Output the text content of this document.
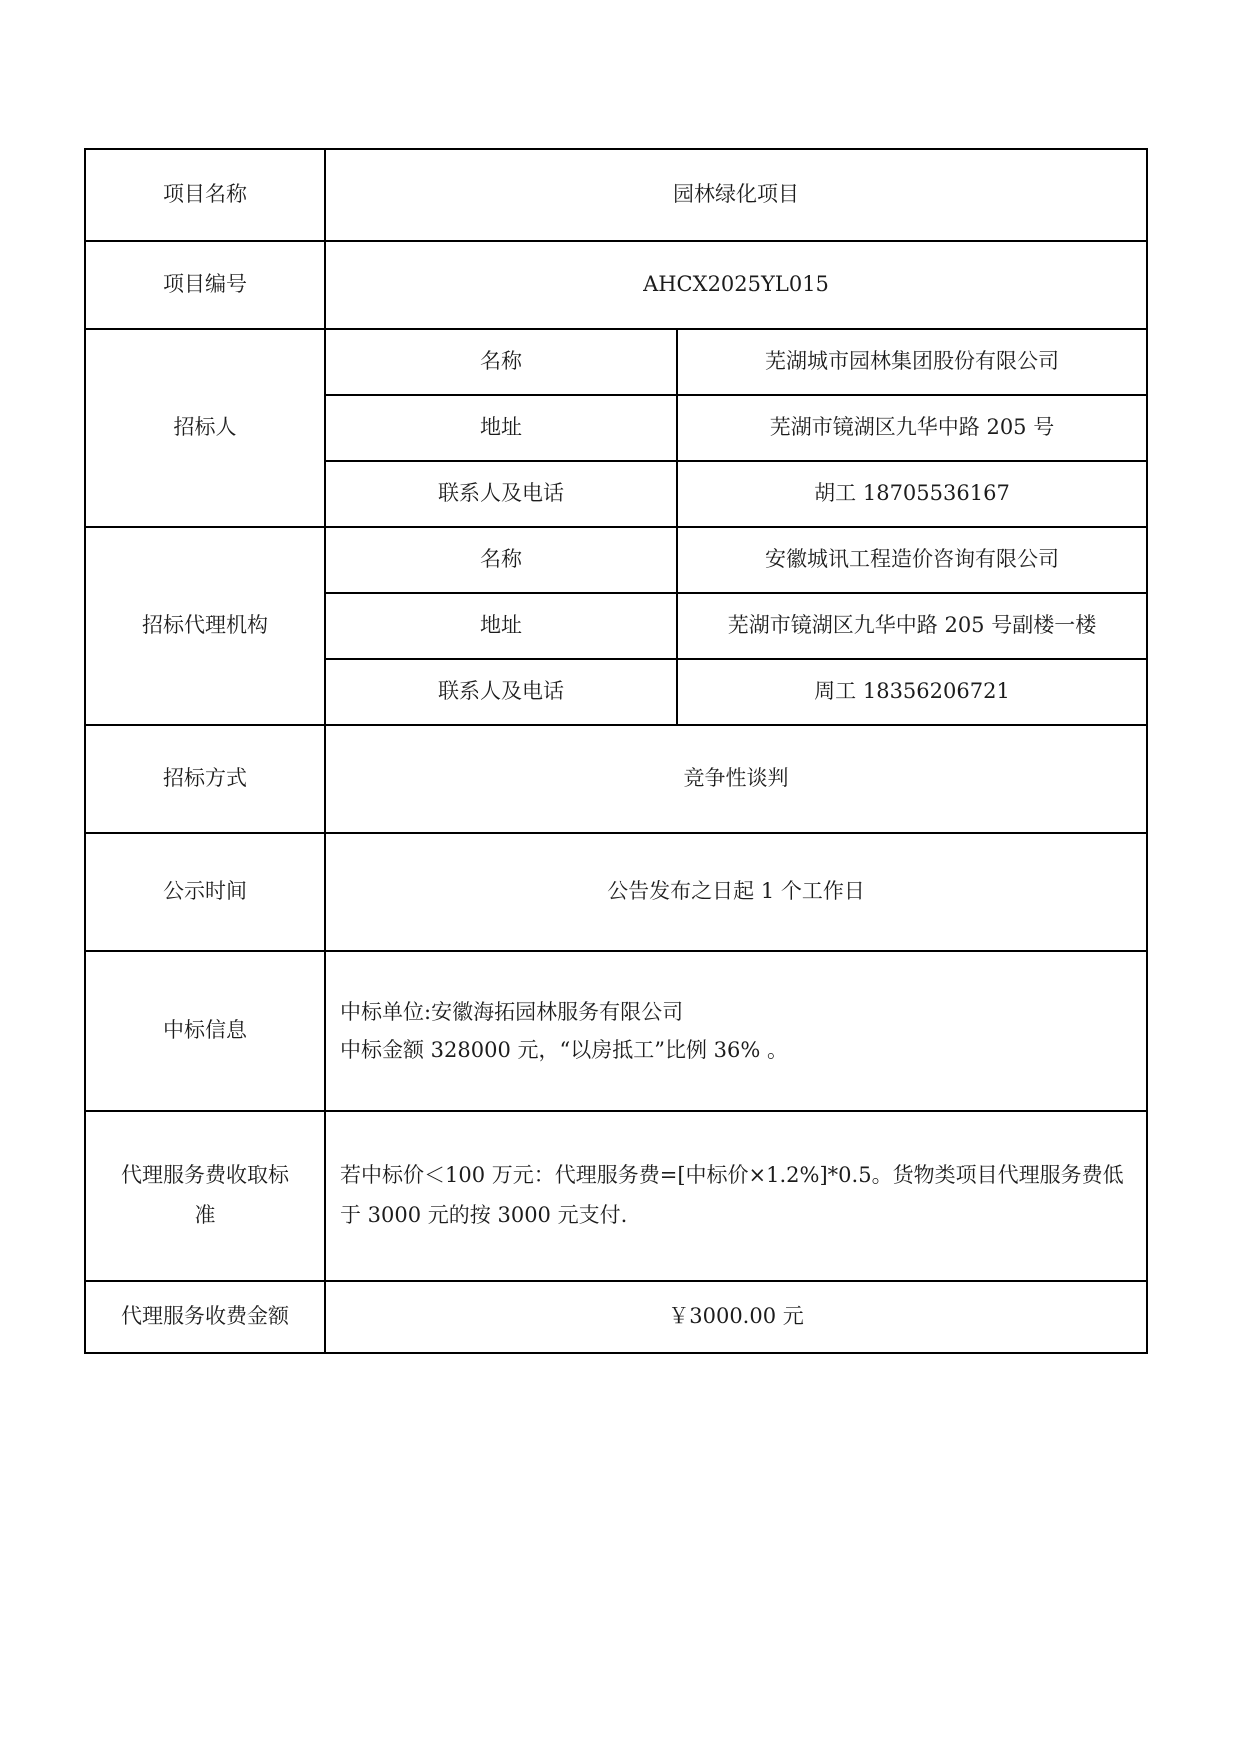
项目名称	园林绿化项目	
项目编号	AHCX2025YL015	
招标人	名称	芜湖城市园林集团股份有限公司
	地址	芜湖市镜湖区九华中路 205 号
	联系人及电话	胡工 18705536167
招标代理机构	名称	安徽城讯工程造价咨询有限公司
	地址	芜湖市镜湖区九华中路 205 号副楼一楼
	联系人及电话	周工 18356206721
招标方式	竞争性谈判	
公示时间	公告发布之日起 1 个工作日	
中标信息	中标单位:安徽海拓园林服务有限公司
中标金额 328000 元，“以房抵工”比例 36% 。	

代理服务费收取标准	若中标价＜100 万元：代理服务费=[中标价×1.2%]*0.5。货物类项目代理服务费低于 3000 元的按 3000 元支付.	
代理服务收费金额	￥3000.00 元	
